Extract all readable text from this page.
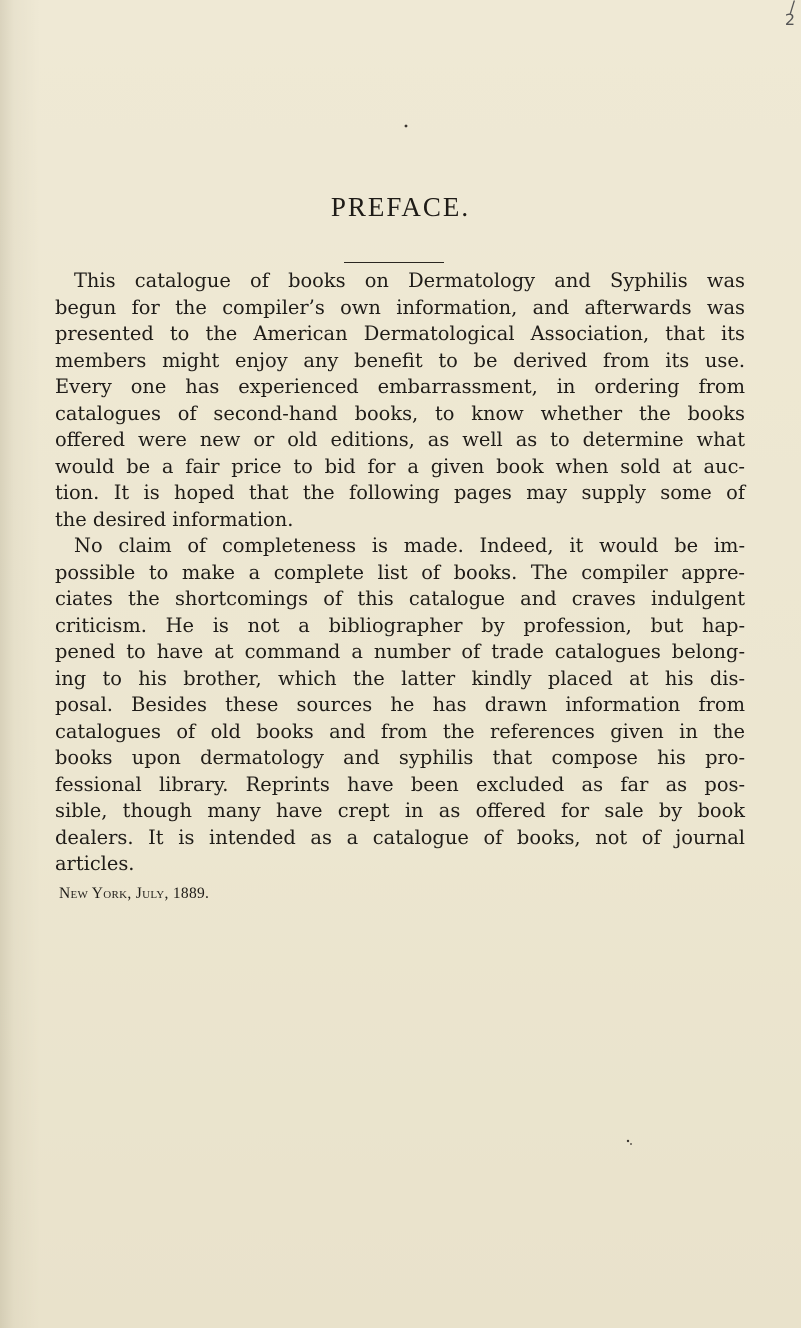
/
2
PREFACE.

This catalogue of books on Dermatology and Syphilis was
begun for the compiler’s own information, and afterwards was
presented to the American Dermatological Association, that its
members might enjoy any benefit to be derived from its use.
Every one has experienced embarrassment, in ordering from
catalogues of second-hand books, to know whether the books
offered were new or old editions, as well as to determine what
would be a fair price to bid for a given book when sold at auc-
tion. It is hoped that the following pages may supply some of
the desired information.

No claim of completeness is made. Indeed, it would be im-
possible to make a complete list of books. The compiler appre-
ciates the shortcomings of this catalogue and craves indulgent
criticism. He is not a bibliographer by profession, but hap-
pened to have at command a number of trade catalogues belong-
ing to his brother, which the latter kindly placed at his dis-
posal. Besides these sources he has drawn information from
catalogues of old books and from the references given in the
books upon dermatology and syphilis that compose his pro-
fessional library. Reprints have been excluded as far as pos-
sible, though many have crept in as offered for sale by book
dealers. It is intended as a catalogue of books, not of journal
articles.

New York, July, 1889.
